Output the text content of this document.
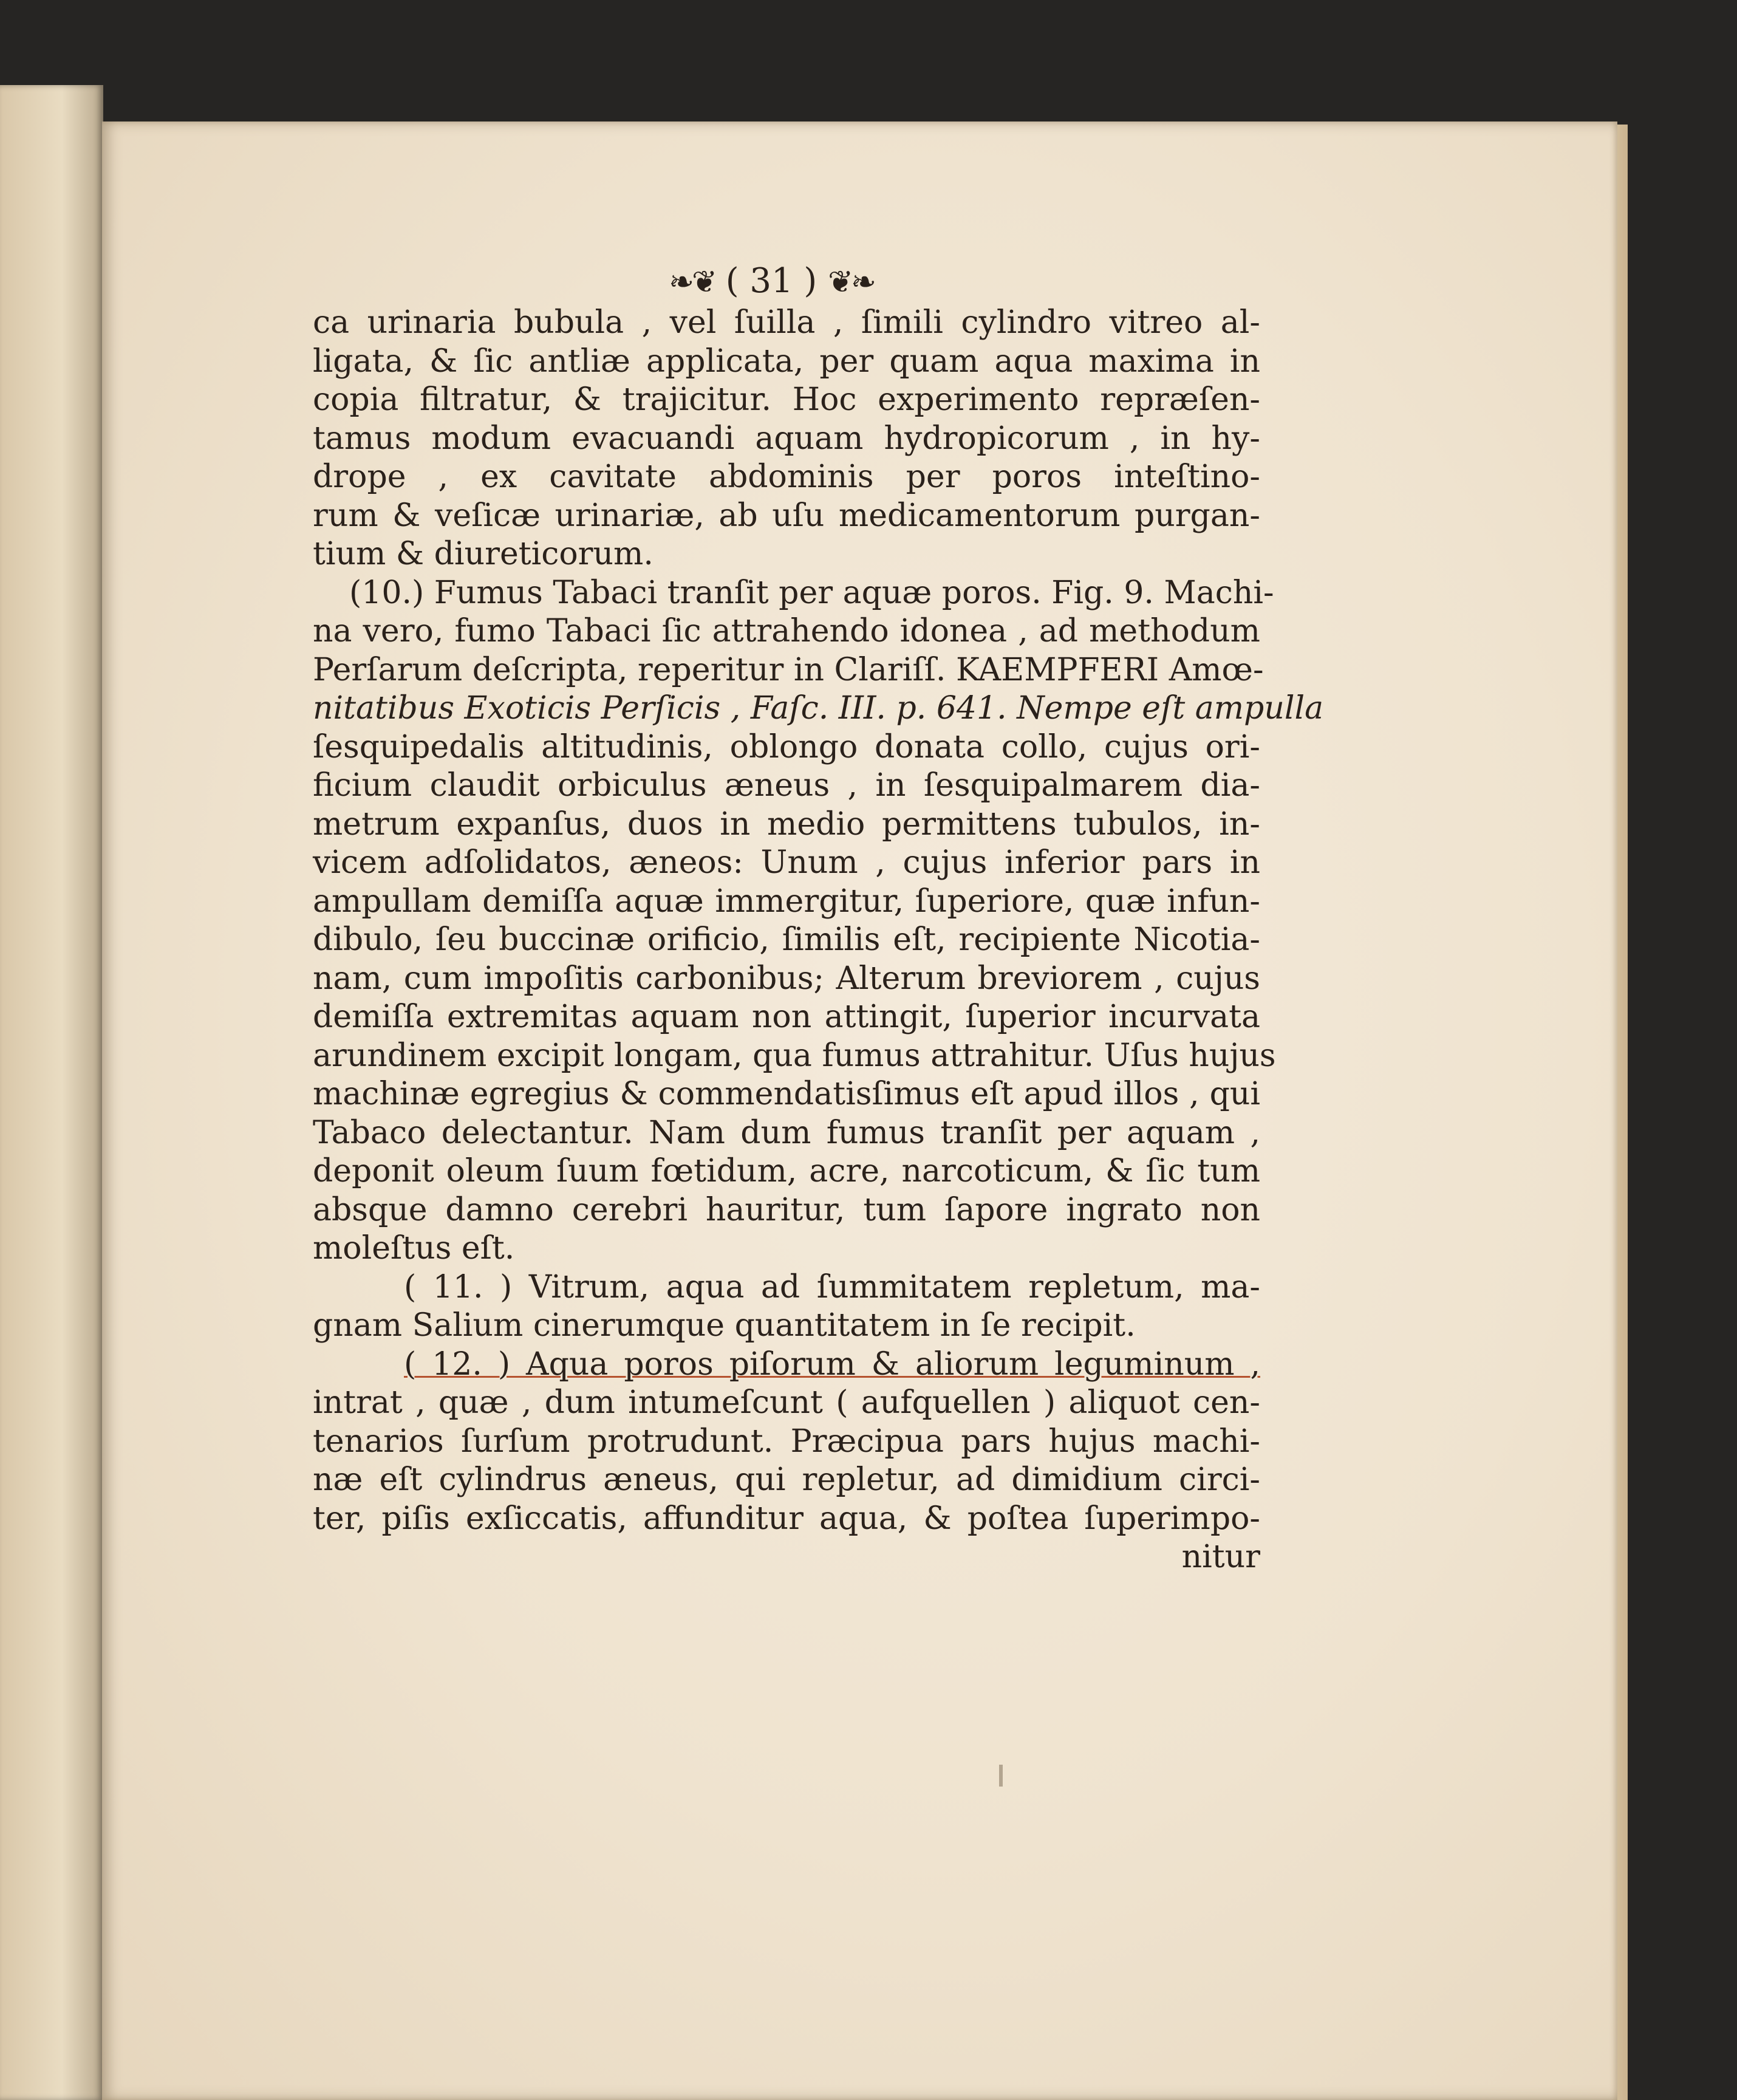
❧❦ ( 31 ) ❦❧
ca urinaria bubula , vel ſuilla , ſimili cylindro vitreo al-
ligata, & ſic antliæ applicata, per quam aqua maxima in
copia filtratur, & trajicitur. Hoc experimento repræſen-
tamus modum evacuandi aquam hydropicorum , in hy-
drope , ex cavitate abdominis per poros inteſtino-
rum & veſicæ urinariæ, ab uſu medicamentorum purgan-
tium & diureticorum.
(10.) Fumus Tabaci tranſit per aquæ poros. Fig. 9. Machi-
na vero, fumo Tabaci ſic attrahendo idonea , ad methodum
Perſarum deſcripta, reperitur in Clariſſ. KAEMPFERI Amœ-
nitatibus Exoticis Perſicis , Faſc. III. p. 641. Nempe eſt ampulla
ſesquipedalis altitudinis, oblongo donata collo, cujus ori-
ficium claudit orbiculus æneus , in ſesquipalmarem dia-
metrum expanſus, duos in medio permittens tubulos, in-
vicem adſolidatos, æneos: Unum , cujus inferior pars in
ampullam demiſſa aquæ immergitur, ſuperiore, quæ infun-
dibulo, ſeu buccinæ orificio, ſimilis eſt, recipiente Nicotia-
nam, cum impoſitis carbonibus; Alterum breviorem , cujus
demiſſa extremitas aquam non attingit, ſuperior incurvata
arundinem excipit longam, qua fumus attrahitur. Uſus hujus
machinæ egregius & commendatisſimus eſt apud illos , qui
Tabaco delectantur. Nam dum fumus tranſit per aquam ,
deponit oleum ſuum fœtidum, acre, narcoticum, & ſic tum
absque damno cerebri hauritur, tum ſapore ingrato non
moleſtus eſt.
( 11. ) Vitrum, aqua ad ſummitatem repletum, ma-
gnam Salium cinerumque quantitatem in ſe recipit.
( 12. ) Aqua poros piſorum & aliorum leguminum ,
intrat , quæ , dum intumeſcunt ( aufquellen ) aliquot cen-
tenarios ſurſum protrudunt. Præcipua pars hujus machi-
næ eſt cylindrus æneus, qui repletur, ad dimidium circi-
ter, piſis exſiccatis, affunditur aqua, & poſtea ſuperimpo-
nitur
